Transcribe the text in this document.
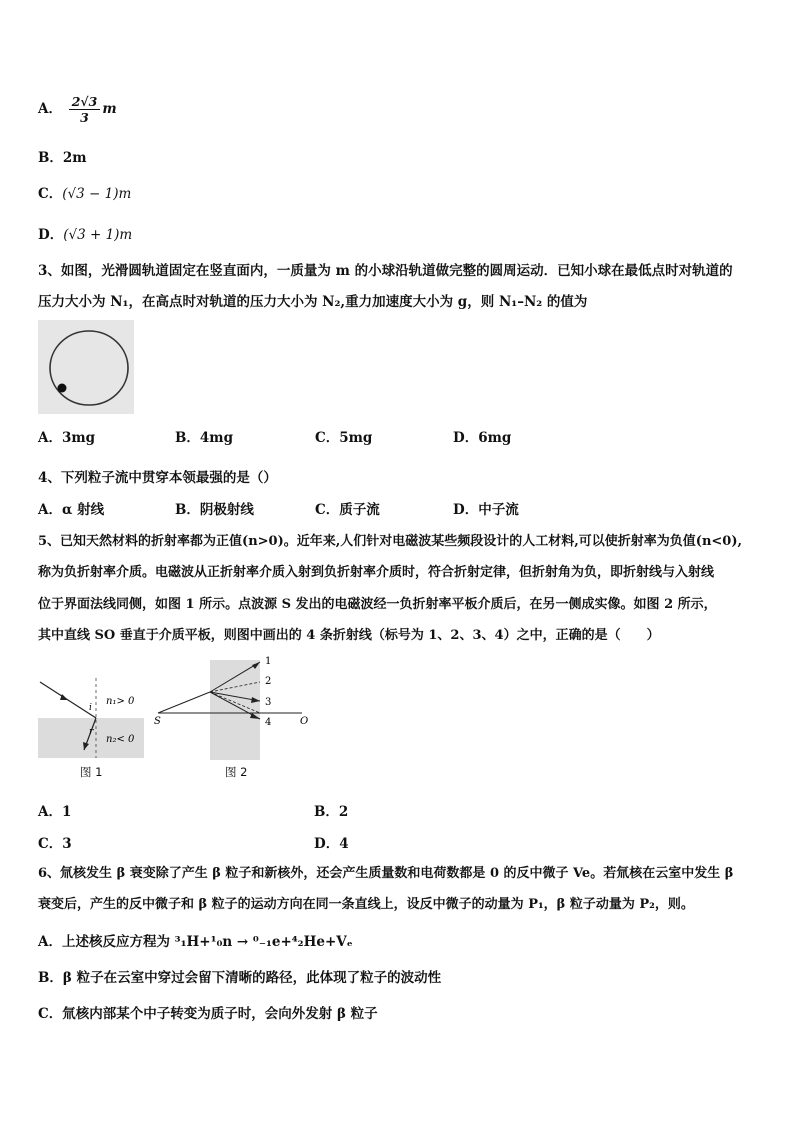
A． $\frac{2√3}{3}$ m
B．2m
C．(√3 − 1)m
D．(√3 + 1)m
3、如图，光滑圆轨道固定在竖直面内，一质量为 m 的小球沿轨道做完整的圆周运动．已知小球在最低点时对轨道的
压力大小为 N₁，在高点时对轨道的压力大小为 N₂,重力加速度大小为 g，则 N₁–N₂ 的值为
A．3mg	B．4mg	C．5mg	D．6mg
4、下列粒子流中贯穿本领最强的是（）
A．α 射线	B．阴极射线	C．质子流	D．中子流
5、已知天然材料的折射率都为正值(n>0)。近年来,人们针对电磁波某些频段设计的人工材料,可以使折射率为负值(n<0),
称为负折射率介质。电磁波从正折射率介质入射到负折射率介质时，符合折射定律，但折射角为负，即折射线与入射线
位于界面法线同侧，如图 1 所示。点波源 S 发出的电磁波经一负折射率平板介质后，在另一侧成实像。如图 2 所示，
其中直线 SO 垂直于介质平板，则图中画出的 4 条折射线（标号为 1、2、3、4）之中，正确的是（　　）
n₁> 0
n₂< 0
i
r
图 1
1
2
3
4
S	O
图 2
A．1	B．2
C．3	D．4
6、氚核发生 β 衰变除了产生 β 粒子和新核外，还会产生质量数和电荷数都是 0 的反中微子 Ve。若氚核在云室中发生 β
衰变后，产生的反中微子和 β 粒子的运动方向在同一条直线上，设反中微子的动量为 P₁，β 粒子动量为 P₂，则。
A．上述核反应方程为 ³₁H+¹₀n → ⁰₋₁e+⁴₂He+Vₑ
B．β 粒子在云室中穿过会留下清晰的路径，此体现了粒子的波动性
C．氚核内部某个中子转变为质子时，会向外发射 β 粒子
